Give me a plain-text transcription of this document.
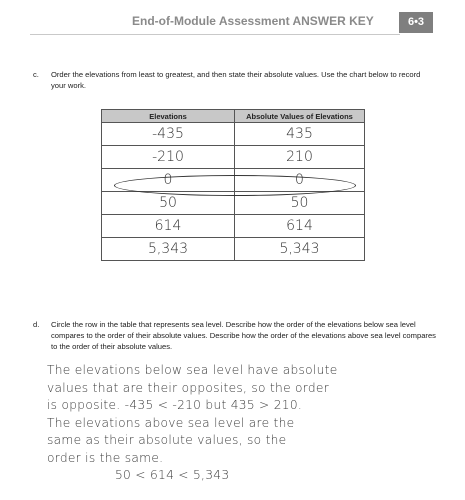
End-of-Module Assessment ANSWER KEY	6•3
c. Order the elevations from least to greatest, and then state their absolute values. Use the chart below to record your work.
Elevations	Absolute Values of Elevations
-435	435
-210	210
0	0
50	50
614	614
5,343	5,343
d. Circle the row in the table that represents sea level. Describe how the order of the elevations below sea level compares to the order of their absolute values. Describe how the order of the elevations above sea level compares to the order of their absolute values.
The elevations below sea level have absolute
values that are their opposites, so the order
is opposite. -435 < -210 but 435 > 210.
The elevations above sea level are the
same as their absolute values, so the
order is the same.
50 < 614 < 5,343
